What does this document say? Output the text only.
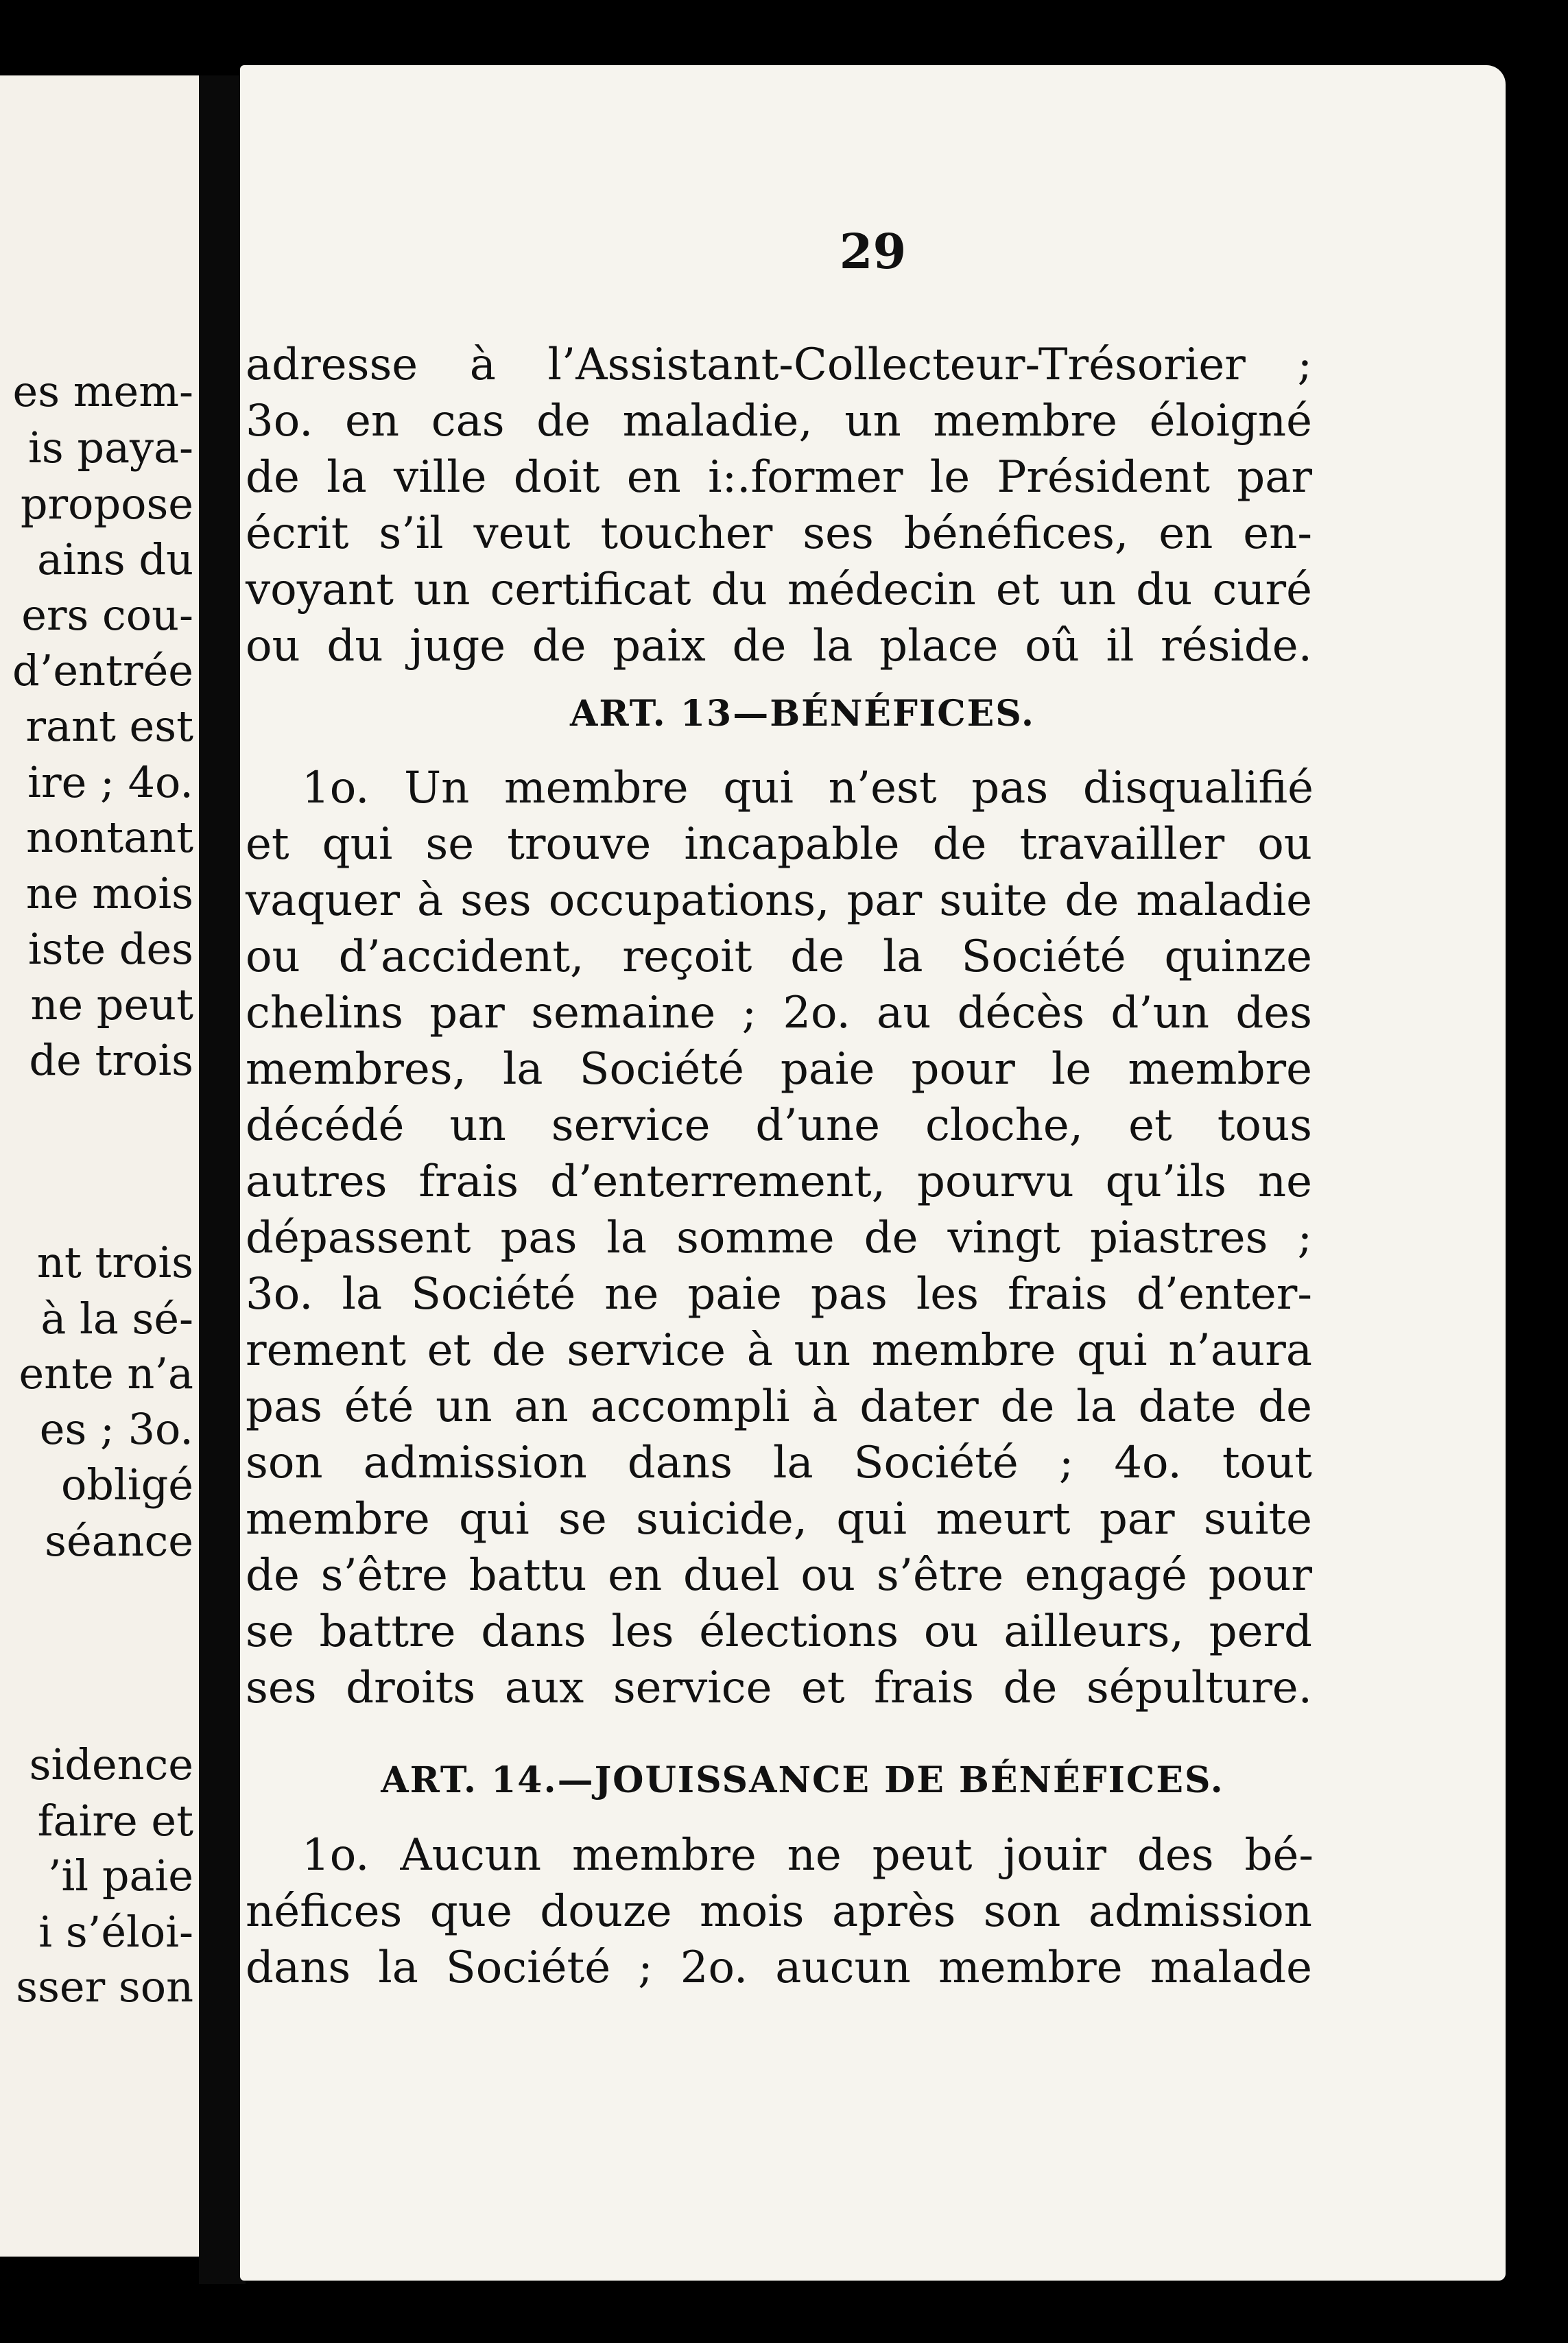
es mem-
is paya-
propose
ains du
ers cou-
d’entrée
rant est
ire ; 4o.
nontant
ne mois
iste des
ne peut
de trois
nt trois
à la sé-
ente n’a
es ; 3o.
obligé
séance
sidence
faire et
’il paie
i s’éloi-
sser son
29
adresse à l’Assistant-Collecteur-Trésorier ;
3o. en cas de maladie, un membre éloigné
de la ville doit en i:.former le Président par
écrit s’il veut toucher ses bénéfices, en en-
voyant un certificat du médecin et un du curé
ou du juge de paix de la place oû il réside.
ART. 13—BÉNÉFICES.
1o. Un membre qui n’est pas disqualifié
et qui se trouve incapable de travailler ou
vaquer à ses occupations, par suite de maladie
ou d’accident, reçoit de la Société quinze
chelins par semaine ; 2o. au décès d’un des
membres, la Société paie pour le membre
décédé un service d’une cloche, et tous
autres frais d’enterrement, pourvu qu’ils ne
dépassent pas la somme de vingt piastres ;
3o. la Société ne paie pas les frais d’enter-
rement et de service à un membre qui n’aura
pas été un an accompli à dater de la date de
son admission dans la Société ; 4o. tout
membre qui se suicide, qui meurt par suite
de s’être battu en duel ou s’être engagé pour
se battre dans les élections ou ailleurs, perd
ses droits aux service et frais de sépulture.
ART. 14.—JOUISSANCE DE BÉNÉFICES.
1o. Aucun membre ne peut jouir des bé-
néfices que douze mois après son admission
dans la Société ; 2o. aucun membre malade
